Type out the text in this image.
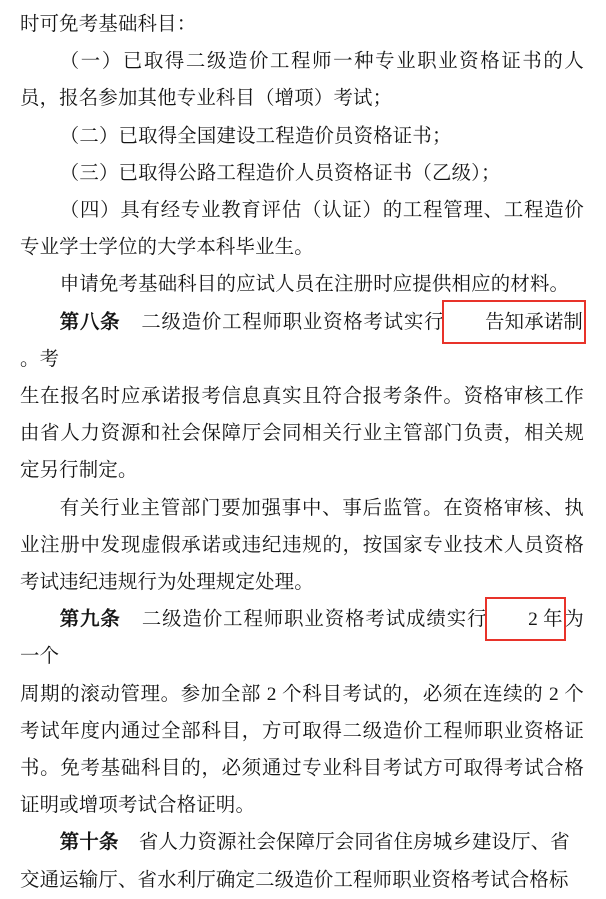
时可免考基础科目：

（一）已取得二级造价工程师一种专业职业资格证书的人员，报名参加其他专业科目（增项）考试；

（二）已取得全国建设工程造价员资格证书；

（三）已取得公路工程造价人员资格证书（乙级）；

（四）具有经专业教育评估（认证）的工程管理、工程造价专业学士学位的大学本科毕业生。

申请免考基础科目的应试人员在注册时应提供相应的材料。

第八条 二级造价工程师职业资格考试实行 告知承诺制。考

生在报名时应承诺报考信息真实且符合报考条件。资格审核工作由省人力资源和社会保障厅会同相关行业主管部门负责，相关规定另行制定。

有关行业主管部门要加强事中、事后监管。在资格审核、执业注册中发现虚假承诺或违纪违规的，按国家专业技术人员资格考试违纪违规行为处理规定处理。

第九条 二级造价工程师职业资格考试成绩实行 2 年为一个

周期的滚动管理。参加全部 2 个科目考试的，必须在连续的 2 个考试年度内通过全部科目，方可取得二级造价工程师职业资格证书。免考基础科目的，必须通过专业科目考试方可取得考试合格证明或增项考试合格证明。

第十条 省人力资源社会保障厅会同省住房城乡建设厅、省

交通运输厅、省水利厅确定二级造价工程师职业资格考试合格标
